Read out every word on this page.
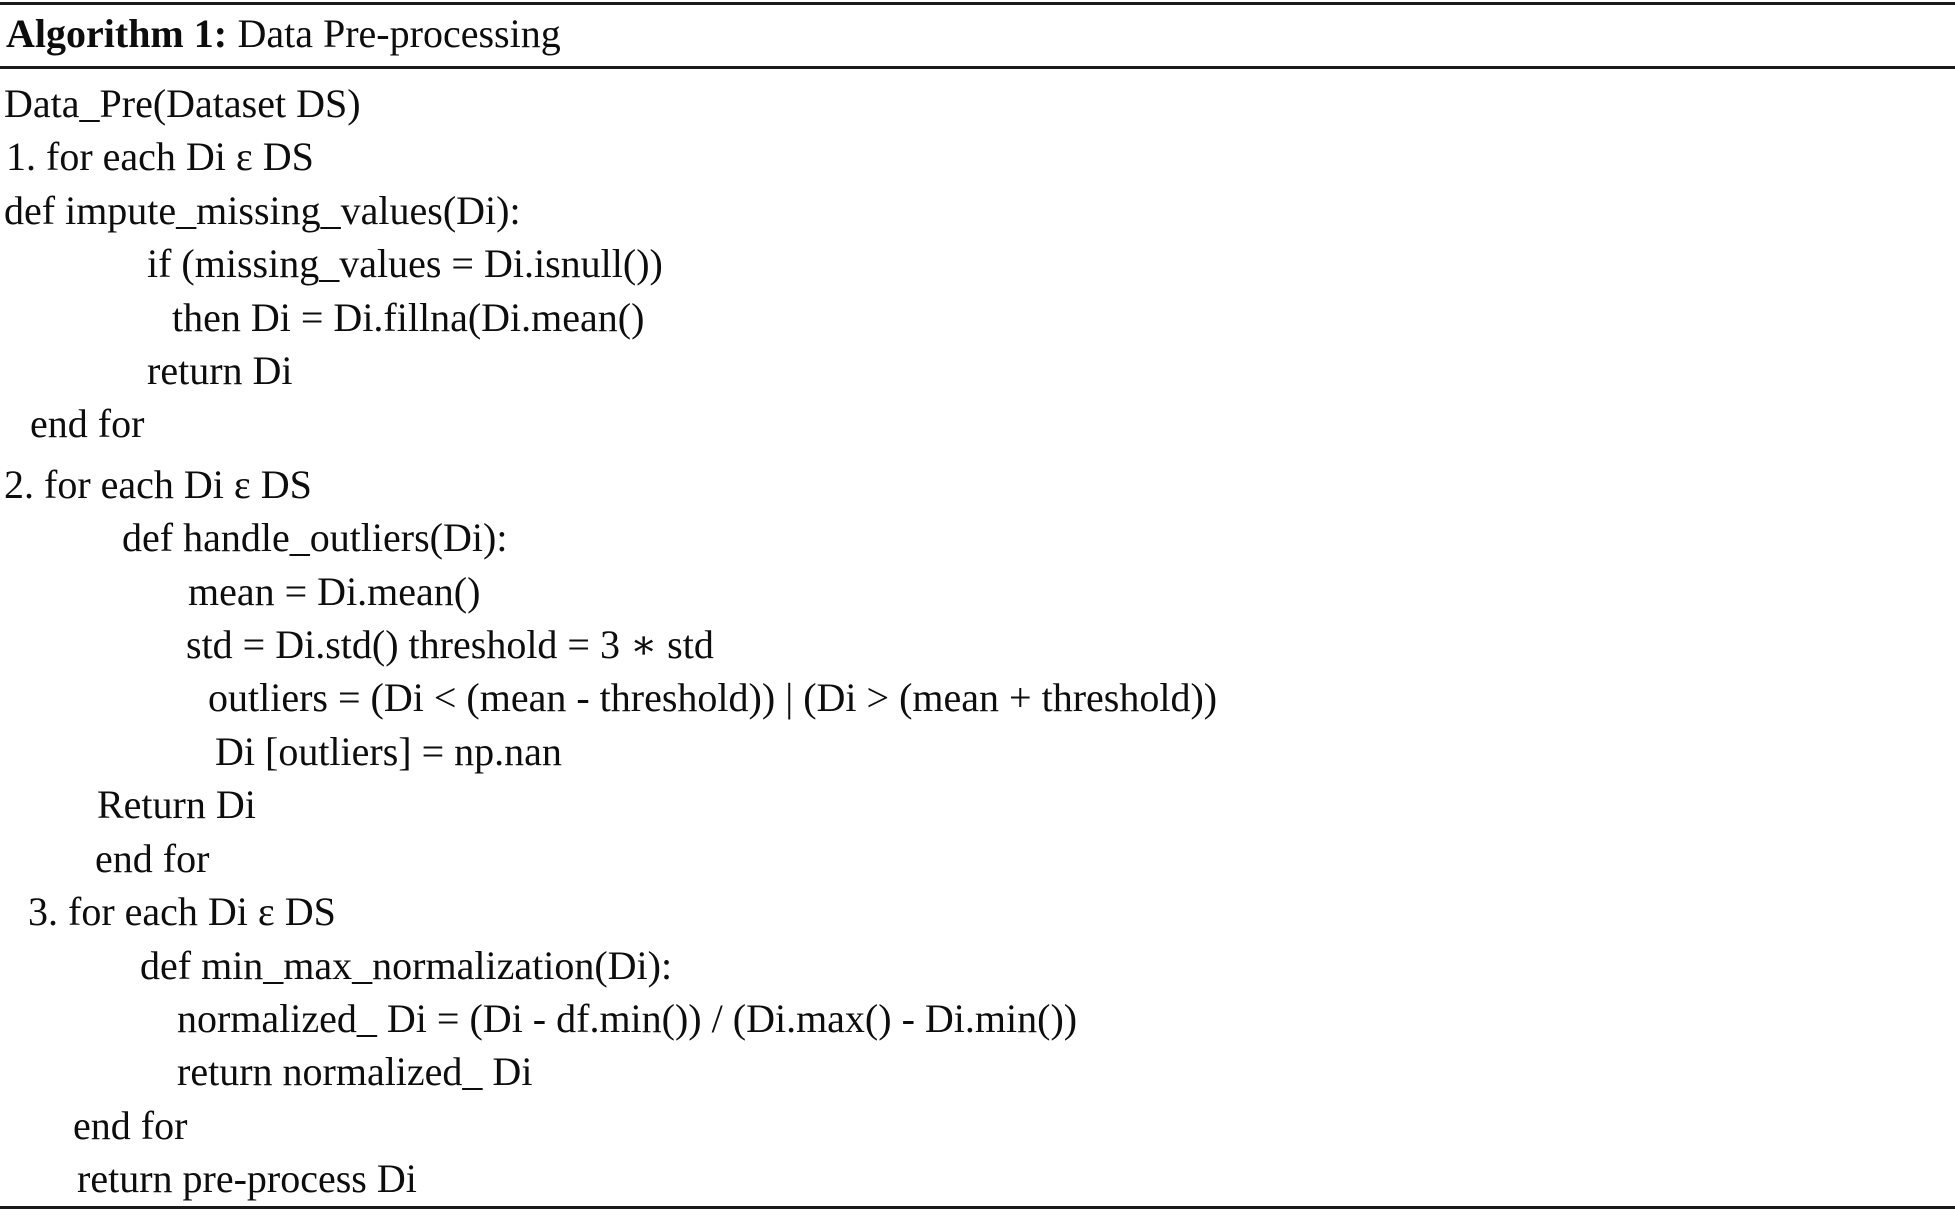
Algorithm 1: Data Pre-processing
Data_Pre(Dataset DS)
1. for each Di ε DS
def impute_missing_values(Di):
if (missing_values = Di.isnull())
then Di = Di.fillna(Di.mean()
return Di
end for
2. for each Di ε DS
def handle_outliers(Di):
mean = Di.mean()
std = Di.std() threshold = 3 ∗ std
outliers = (Di < (mean - threshold)) | (Di > (mean + threshold))
Di [outliers] = np.nan
Return Di
end for
3. for each Di ε DS
def min_max_normalization(Di):
normalized_ Di = (Di - df.min()) / (Di.max() - Di.min())
return normalized_ Di
end for
return pre-process Di
